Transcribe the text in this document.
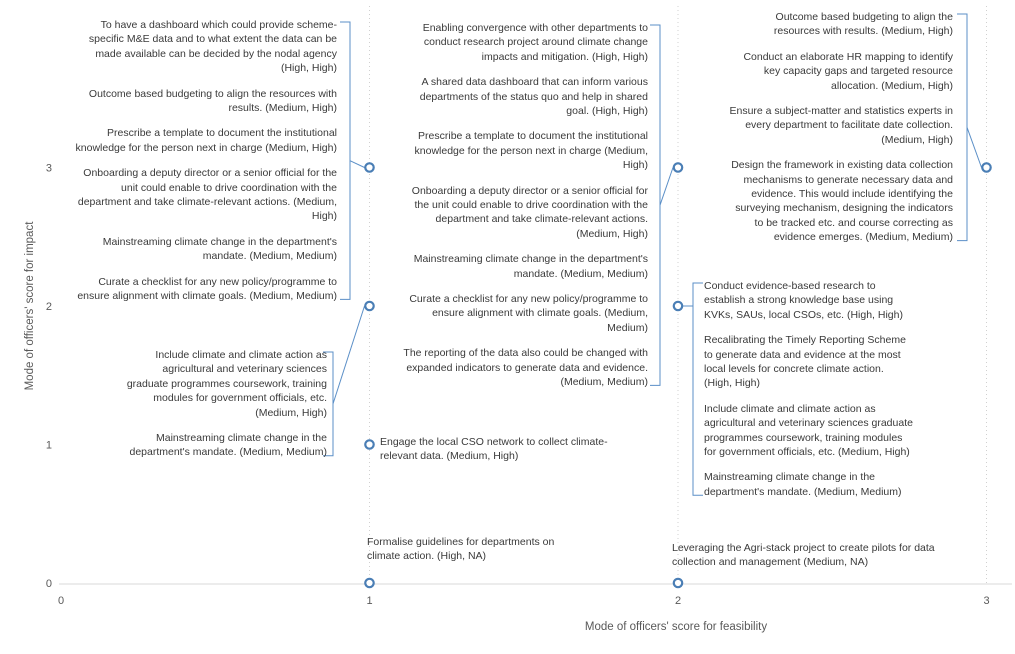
0	1	2	3
0
1
2
3
Mode of officers' score for feasibility
Mode of officers' score for impact
To have a dashboard which could provide scheme-
specific M&E data and to what extent the data can be
made available can be decided by the nodal agency
(High, High)
Outcome based budgeting to align the resources with
results. (Medium, High)
Prescribe a template to document the institutional
knowledge for the person next in charge (Medium, High)
Onboarding a deputy director or a senior official for the
unit could enable to drive coordination with the
department and take climate-relevant actions. (Medium,
High)
Mainstreaming climate change in the department's
mandate. (Medium, Medium)
Curate a checklist for any new policy/programme to
ensure alignment with climate goals. (Medium, Medium)
Enabling convergence with other departments to
conduct research project around climate change
impacts and mitigation. (High, High)
A shared data dashboard that can inform various
departments of the status quo and help in shared
goal. (High, High)
Prescribe a template to document the institutional
knowledge for the person next in charge (Medium,
High)
Onboarding a deputy director or a senior official for
the unit could enable to drive coordination with the
department and take climate-relevant actions.
(Medium, High)
Mainstreaming climate change in the department's
mandate. (Medium, Medium)
Curate a checklist for any new policy/programme to
ensure alignment with climate goals. (Medium,
Medium)
The reporting of the data also could be changed with
expanded indicators to generate data and evidence.
(Medium, Medium)
Outcome based budgeting to align the
resources with results. (Medium, High)
Conduct an elaborate HR mapping to identify
key capacity gaps and targeted resource
allocation. (Medium, High)
Ensure a subject-matter and statistics experts in
every department to facilitate date collection.
(Medium, High)
Design the framework in existing data collection
mechanisms to generate necessary data and
evidence. This would include identifying the
surveying mechanism, designing the indicators
to be tracked etc. and course correcting as
evidence emerges. (Medium, Medium)
Include climate and climate action as
agricultural and veterinary sciences
graduate programmes coursework, training
modules for government officials, etc.
(Medium, High)
Mainstreaming climate change in the
department's mandate. (Medium, Medium)
Conduct evidence-based research to
establish a strong knowledge base using
KVKs, SAUs, local CSOs, etc. (High, High)
Recalibrating the Timely Reporting Scheme
to generate data and evidence at the most
local levels for concrete climate action.
(High, High)
Include climate and climate action as
agricultural and veterinary sciences graduate
programmes coursework, training modules
for government officials, etc. (Medium, High)
Mainstreaming climate change in the
department's mandate. (Medium, Medium)
Engage the local CSO network to collect climate-
relevant data. (Medium, High)
Formalise guidelines for departments on
climate action. (High, NA)
Leveraging the Agri-stack project to create pilots for data
collection and management (Medium, NA)
